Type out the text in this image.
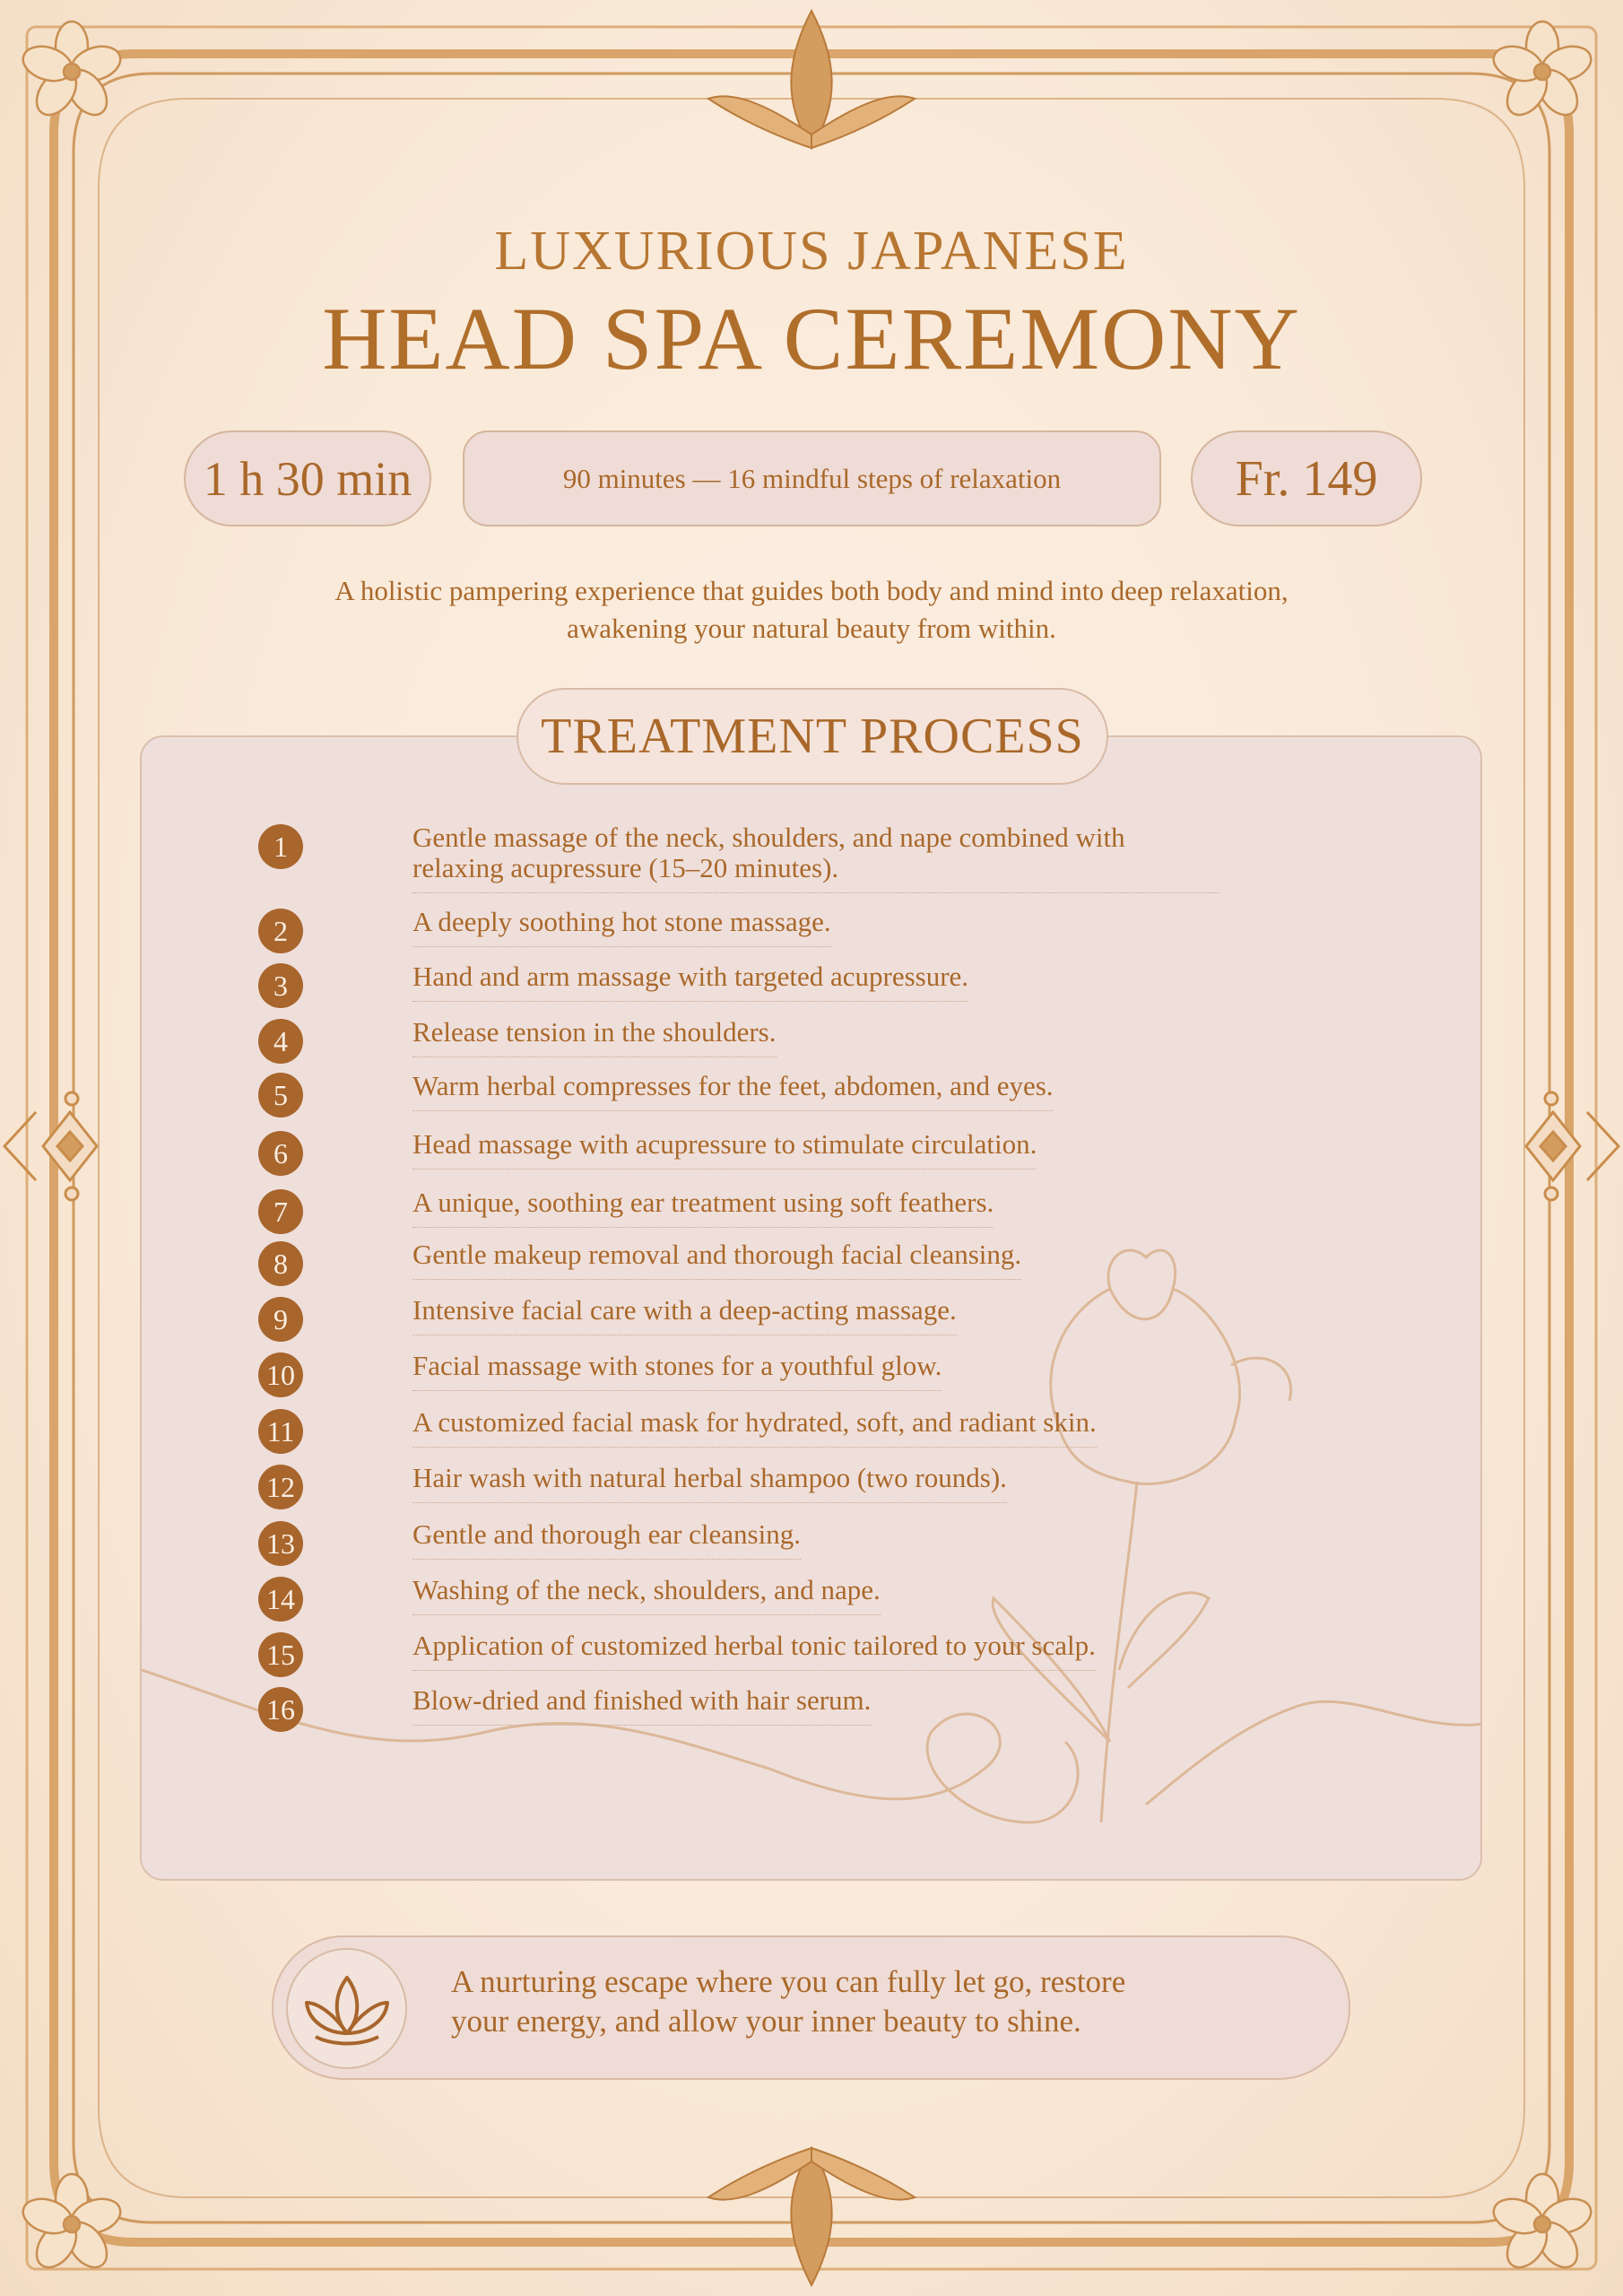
LUXURIOUS JAPANESE
HEAD SPA CEREMONY
1 h 30 min	90 minutes — 16 mindful steps of relaxation	Fr. 149
A holistic pampering experience that guides both body and mind into deep relaxation,
awakening your natural beauty from within.
TREATMENT PROCESS
1	Gentle massage of the neck, shoulders, and nape combined with relaxing acupressure (15–20 minutes).
2	A deeply soothing hot stone massage.
3	Hand and arm massage with targeted acupressure.
4	Release tension in the shoulders.
5	Warm herbal compresses for the feet, abdomen, and eyes.
6	Head massage with acupressure to stimulate circulation.
7	A unique, soothing ear treatment using soft feathers.
8	Gentle makeup removal and thorough facial cleansing.
9	Intensive facial care with a deep-acting massage.
10	Facial massage with stones for a youthful glow.
11	A customized facial mask for hydrated, soft, and radiant skin.
12	Hair wash with natural herbal shampoo (two rounds).
13	Gentle and thorough ear cleansing.
14	Washing of the neck, shoulders, and nape.
15	Application of customized herbal tonic tailored to your scalp.
16	Blow-dried and finished with hair serum.
A nurturing escape where you can fully let go, restore
your energy, and allow your inner beauty to shine.
